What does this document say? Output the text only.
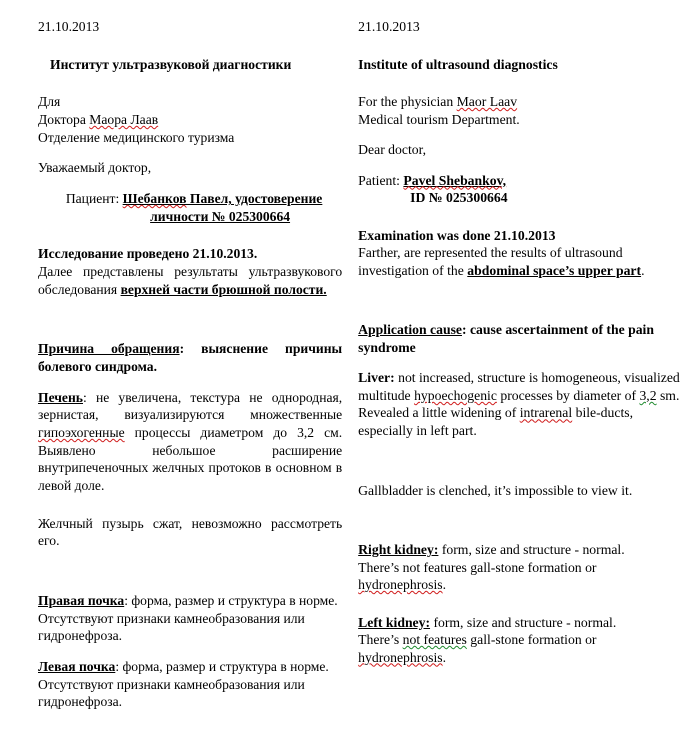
21.10.2013

Институт ультразвуковой диагностики

Для

Доктора Маора Лаав

Отделение медицинского туризма

Уважаемый доктор,

Пациент: Шебанков Павел, удостоверение
личности № 025300664

Исследование проведено 21.10.2013.

Далее представлены результаты ультразвукового обследования верхней части брюшной полости.

Причина обращения: выяснение причины болевого синдрома.

Печень: не увеличена, текстура не однородная, зернистая, визуализируются множественные гипоэхогенные процессы диаметром до 3,2 см. Выявлено небольшое расширение внутрипеченочных желчных протоков в основном в левой доле.

Желчный пузырь сжат, невозможно рассмотреть его.

Правая почка: форма, размер и структура в норме.

Отсутствуют признаки камнеобразования или гидронефроза.

Левая почка: форма, размер и структура в норме.

Отсутствуют признаки камнеобразования или гидронефроза.

21.10.2013

Institute of ultrasound diagnostics

For the physician Maor Laav

Medical tourism Department.

Dear doctor,

Patient: Pavel Shebankov,

ID № 025300664

Examination was done 21.10.2013

Farther, are represented the results of ultrasound investigation of the abdominal space’s upper part.

Application cause: cause ascertainment of the pain syndrome

Liver: not increased, structure is homogeneous, visualized multitude hypoechogenic processes by diameter of 3,2 sm. Revealed a little widening of intrarenal bile-ducts, especially in left part.

Gallbladder is clenched, it’s impossible to view it.

Right kidney: form, size and structure - normal.

There’s not features gall-stone formation or hydronephrosis.

Left kidney: form, size and structure - normal.

There’s not features gall-stone formation or hydronephrosis.
